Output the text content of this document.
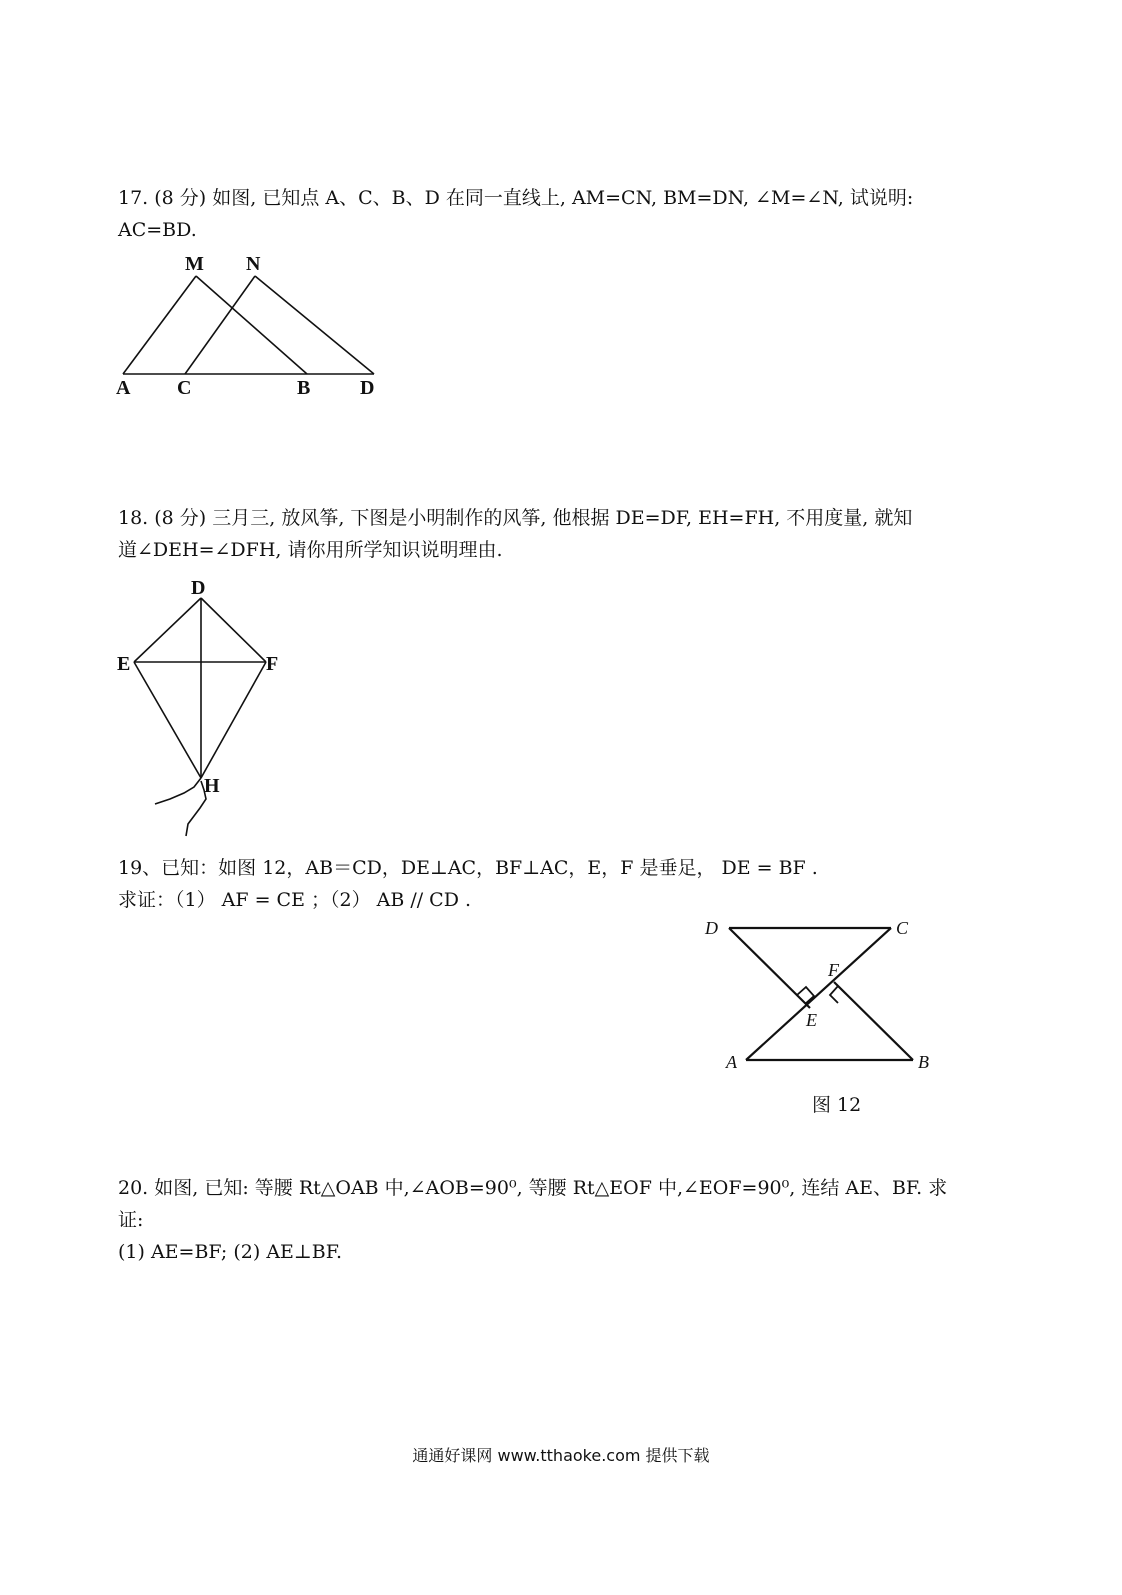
17. (8 分) 如图, 已知点 A、C、B、D 在同一直线上, AM=CN, BM=DN, ∠M=∠N, 试说明:
AC=BD.
M N
A C	B D
D
E	F
H
D	C
F
E
A	B
18. (8 分) 三月三, 放风筝, 下图是小明制作的风筝, 他根据 DE=DF, EH=FH, 不用度量, 就知
道∠DEH=∠DFH, 请你用所学知识说明理由.
19、已知：如图 12，AB＝CD，DE⊥AC，BF⊥AC，E，F 是垂足， DE = BF .
求证：（1） AF = CE ；（2） AB // CD .
图 12
20. 如图, 已知: 等腰 Rt△OAB 中,∠AOB=90⁰, 等腰 Rt△EOF 中,∠EOF=90⁰, 连结 AE、BF. 求
证:
(1) AE=BF; (2) AE⊥BF.
通通好课网 www.tthaoke.com 提供下载
